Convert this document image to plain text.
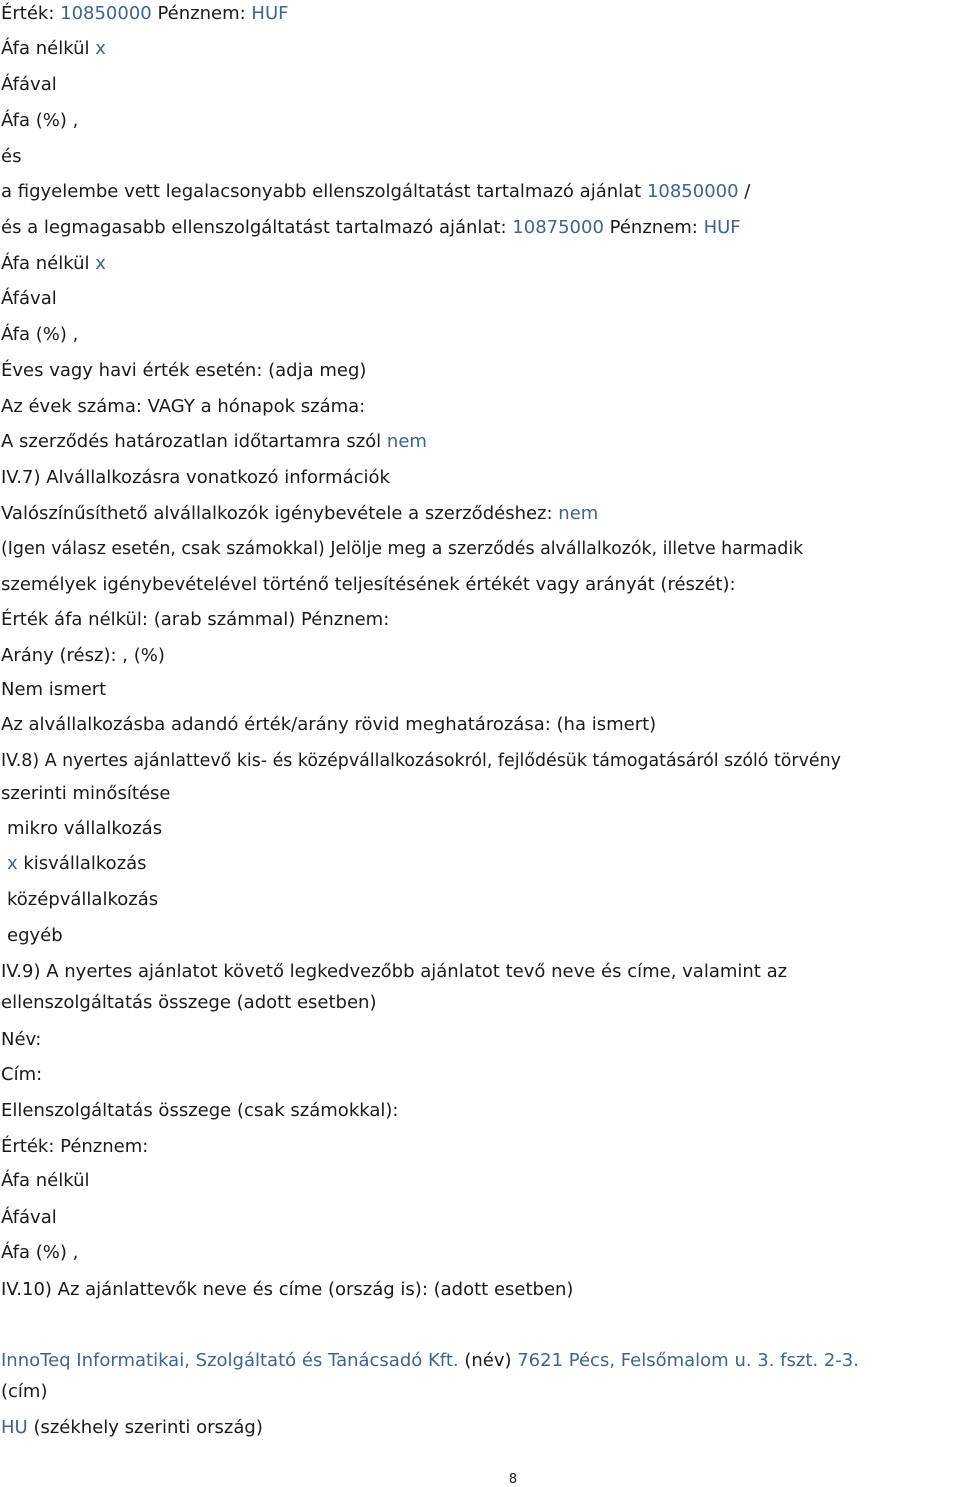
Érték: 10850000 Pénznem: HUF
Áfa nélkül x
Áfával
Áfa (%) ,
és
a figyelembe vett legalacsonyabb ellenszolgáltatást tartalmazó ajánlat 10850000 /
és a legmagasabb ellenszolgáltatást tartalmazó ajánlat: 10875000 Pénznem: HUF
Áfa nélkül x
Áfával
Áfa (%) ,
Éves vagy havi érték esetén: (adja meg)
Az évek száma: VAGY a hónapok száma:
A szerződés határozatlan időtartamra szól nem
IV.7) Alvállalkozásra vonatkozó információk
Valószínűsíthető alvállalkozók igénybevétele a szerződéshez: nem
(Igen válasz esetén, csak számokkal) Jelölje meg a szerződés alvállalkozók, illetve harmadik
személyek igénybevételével történő teljesítésének értékét vagy arányát (részét):
Érték áfa nélkül: (arab számmal) Pénznem:
Arány (rész): , (%)
Nem ismert
Az alvállalkozásba adandó érték/arány rövid meghatározása: (ha ismert)
IV.8) A nyertes ajánlattevő kis- és középvállalkozásokról, fejlődésük támogatásáról szóló törvény
szerinti minősítése
mikro vállalkozás
x kisvállalkozás
középvállalkozás
egyéb
IV.9) A nyertes ajánlatot követő legkedvezőbb ajánlatot tevő neve és címe, valamint az
ellenszolgáltatás összege (adott esetben)
Név:
Cím:
Ellenszolgáltatás összege (csak számokkal):
Érték: Pénznem:
Áfa nélkül
Áfával
Áfa (%) ,
IV.10) Az ajánlattevők neve és címe (ország is): (adott esetben)
InnoTeq Informatikai, Szolgáltató és Tanácsadó Kft. (név) 7621 Pécs, Felsőmalom u. 3. fszt. 2-3.
(cím)
HU (székhely szerinti ország)
8
